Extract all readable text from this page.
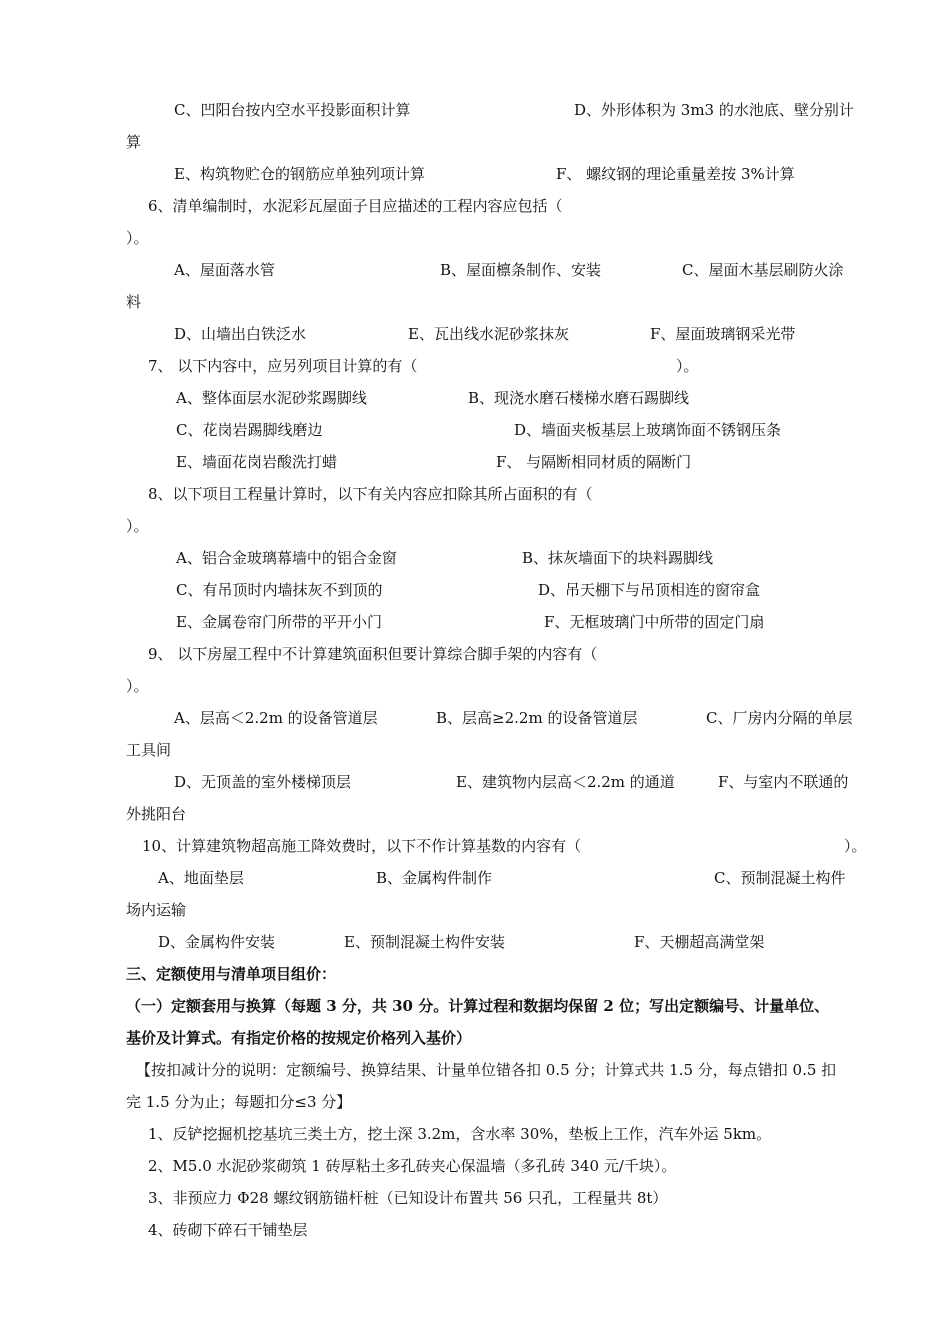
C、凹阳台按内空水平投影面积计算	D、外形体积为 3m3 的水池底、壁分别计
算
E、构筑物贮仓的钢筋应单独列项计算	F、 螺纹钢的理论重量差按 3%计算
6、清单编制时，水泥彩瓦屋面子目应描述的工程内容应包括（
）。
A、屋面落水管	B、屋面檩条制作、安装	C、屋面木基层刷防火涂
料
D、山墙出白铁泛水	E、瓦出线水泥砂浆抹灰	F、屋面玻璃钢采光带
7、 以下内容中，应另列项目计算的有（	）。
A、整体面层水泥砂浆踢脚线	B、现浇水磨石楼梯水磨石踢脚线
C、花岗岩踢脚线磨边	D、墙面夹板基层上玻璃饰面不锈钢压条
E、墙面花岗岩酸洗打蜡	F、 与隔断相同材质的隔断门
8、以下项目工程量计算时，以下有关内容应扣除其所占面积的有（
）。
A、铝合金玻璃幕墙中的铝合金窗	B、抹灰墙面下的块料踢脚线
C、有吊顶时内墙抹灰不到顶的	D、吊天棚下与吊顶相连的窗帘盒
E、金属卷帘门所带的平开小门	F、无框玻璃门中所带的固定门扇
9、 以下房屋工程中不计算建筑面积但要计算综合脚手架的内容有（
）。
A、层高＜2.2m 的设备管道层	B、层高≥2.2m 的设备管道层	C、厂房内分隔的单层
工具间
D、无顶盖的室外楼梯顶层	E、建筑物内层高＜2.2m 的通道	F、与室内不联通的
外挑阳台
10、计算建筑物超高施工降效费时，以下不作计算基数的内容有（	）。
A、地面垫层	B、金属构件制作	C、预制混凝土构件
场内运输
D、金属构件安装	E、预制混凝土构件安装	F、天棚超高满堂架
三、定额使用与清单项目组价：
（一）定额套用与换算（每题 3 分，共 30 分。计算过程和数据均保留 2 位；写出定额编号、计量单位、
基价及计算式。有指定价格的按规定价格列入基价）
【按扣减计分的说明：定额编号、换算结果、计量单位错各扣 0.5 分；计算式共 1.5 分，每点错扣 0.5 扣
完 1.5 分为止；每题扣分≤3 分】
1、反铲挖掘机挖基坑三类土方，挖土深 3.2m，含水率 30%，垫板上工作，汽车外运 5km。
2、M5.0 水泥砂浆砌筑 1 砖厚粘土多孔砖夹心保温墙（多孔砖 340 元/千块）。
3、非预应力 Φ28 螺纹钢筋锚杆桩（已知设计布置共 56 只孔，工程量共 8t）
4、砖砌下碎石干铺垫层
